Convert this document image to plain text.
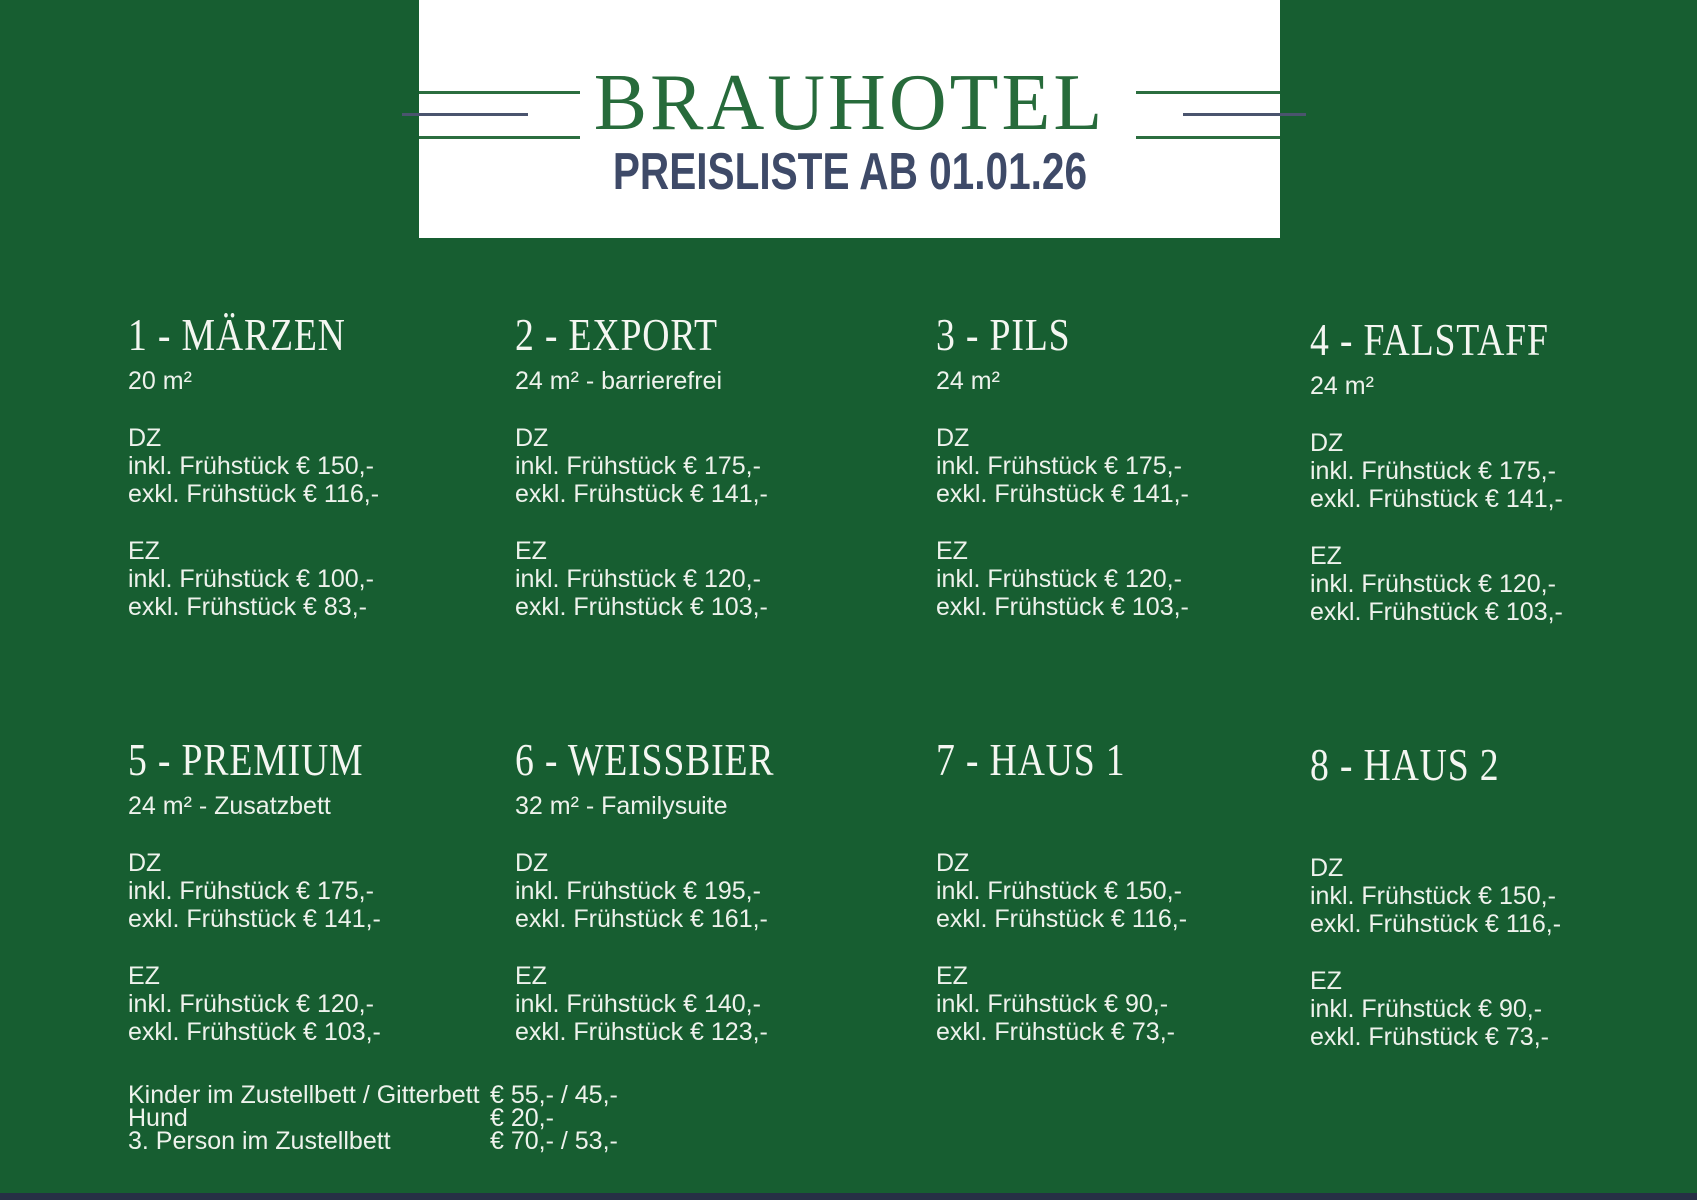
BRAUHOTEL
PREISLISTE AB 01.01.26
1 - MÄRZEN
20 m²
DZ
inkl. Frühstück € 150,-
exkl. Frühstück € 116,-
EZ
inkl. Frühstück € 100,-
exkl. Frühstück € 83,-
2 - EXPORT
24 m² - barrierefrei
DZ
inkl. Frühstück € 175,-
exkl. Frühstück € 141,-
EZ
inkl. Frühstück € 120,-
exkl. Frühstück € 103,-
3 - PILS
24 m²
DZ
inkl. Frühstück € 175,-
exkl. Frühstück € 141,-
EZ
inkl. Frühstück € 120,-
exkl. Frühstück € 103,-
4 - FALSTAFF
24 m²
DZ
inkl. Frühstück € 175,-
exkl. Frühstück € 141,-
EZ
inkl. Frühstück € 120,-
exkl. Frühstück € 103,-
5 - PREMIUM
24 m² - Zusatzbett
DZ
inkl. Frühstück € 175,-
exkl. Frühstück € 141,-
EZ
inkl. Frühstück € 120,-
exkl. Frühstück € 103,-
6 - WEISSBIER
32 m² - Familysuite
DZ
inkl. Frühstück € 195,-
exkl. Frühstück € 161,-
EZ
inkl. Frühstück € 140,-
exkl. Frühstück € 123,-
7 - HAUS 1
DZ
inkl. Frühstück € 150,-
exkl. Frühstück € 116,-
EZ
inkl. Frühstück € 90,-
exkl. Frühstück € 73,-
8 - HAUS 2
DZ
inkl. Frühstück € 150,-
exkl. Frühstück € 116,-
EZ
inkl. Frühstück € 90,-
exkl. Frühstück € 73,-
Kinder im Zustellbett / Gitterbett € 55,- / 45,-
Hund	€ 20,-
3. Person im Zustellbett	€ 70,- / 53,-
